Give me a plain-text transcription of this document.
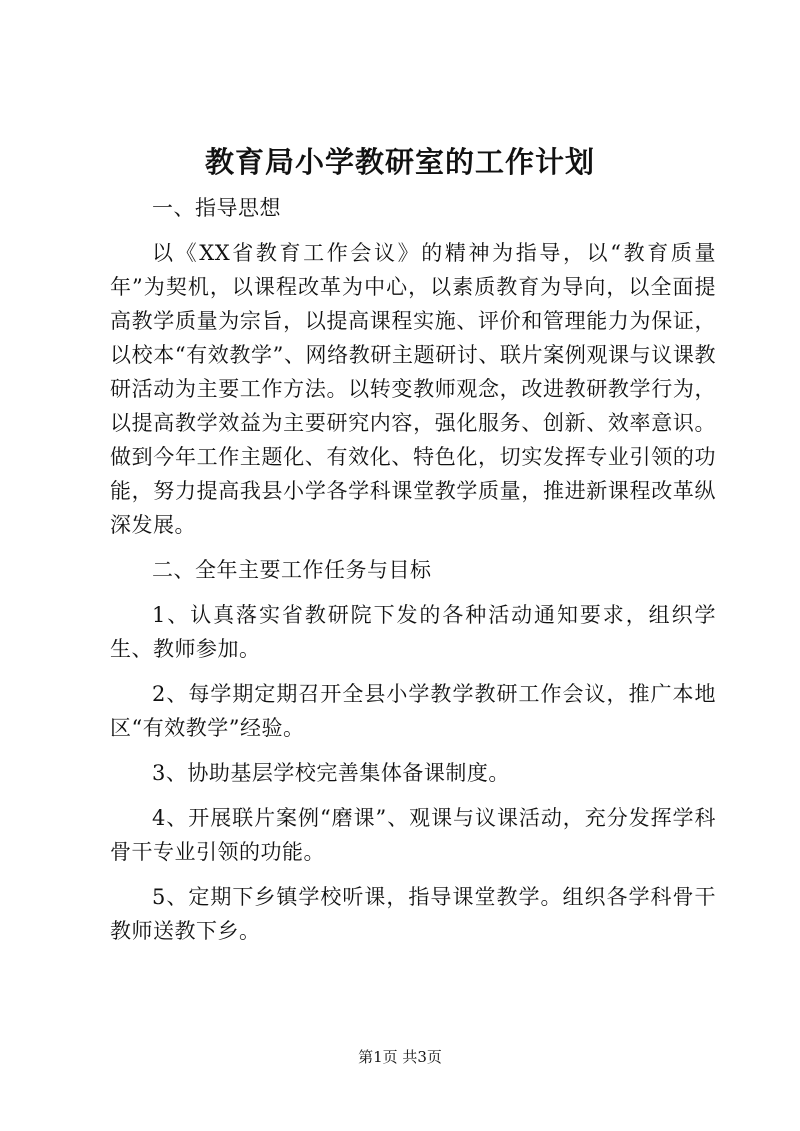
教育局小学教研室的工作计划

一、指导思想

以《XX省教育工作会议》的精神为指导，以“教育质量年”为契机，以课程改革为中心，以素质教育为导向，以全面提高教学质量为宗旨，以提高课程实施、评价和管理能力为保证，以校本“有效教学”、网络教研主题研讨、联片案例观课与议课教研活动为主要工作方法。以转变教师观念，改进教研教学行为，以提高教学效益为主要研究内容，强化服务、创新、效率意识。做到今年工作主题化、有效化、特色化，切实发挥专业引领的功能，努力提高我县小学各学科课堂教学质量，推进新课程改革纵深发展。

二、全年主要工作任务与目标

1、认真落实省教研院下发的各种活动通知要求，组织学生、教师参加。

2、每学期定期召开全县小学教学教研工作会议，推广本地区“有效教学”经验。

3、协助基层学校完善集体备课制度。

4、开展联片案例“磨课”、观课与议课活动，充分发挥学科骨干专业引领的功能。

5、定期下乡镇学校听课，指导课堂教学。组织各学科骨干教师送教下乡。

第1页 共3页
